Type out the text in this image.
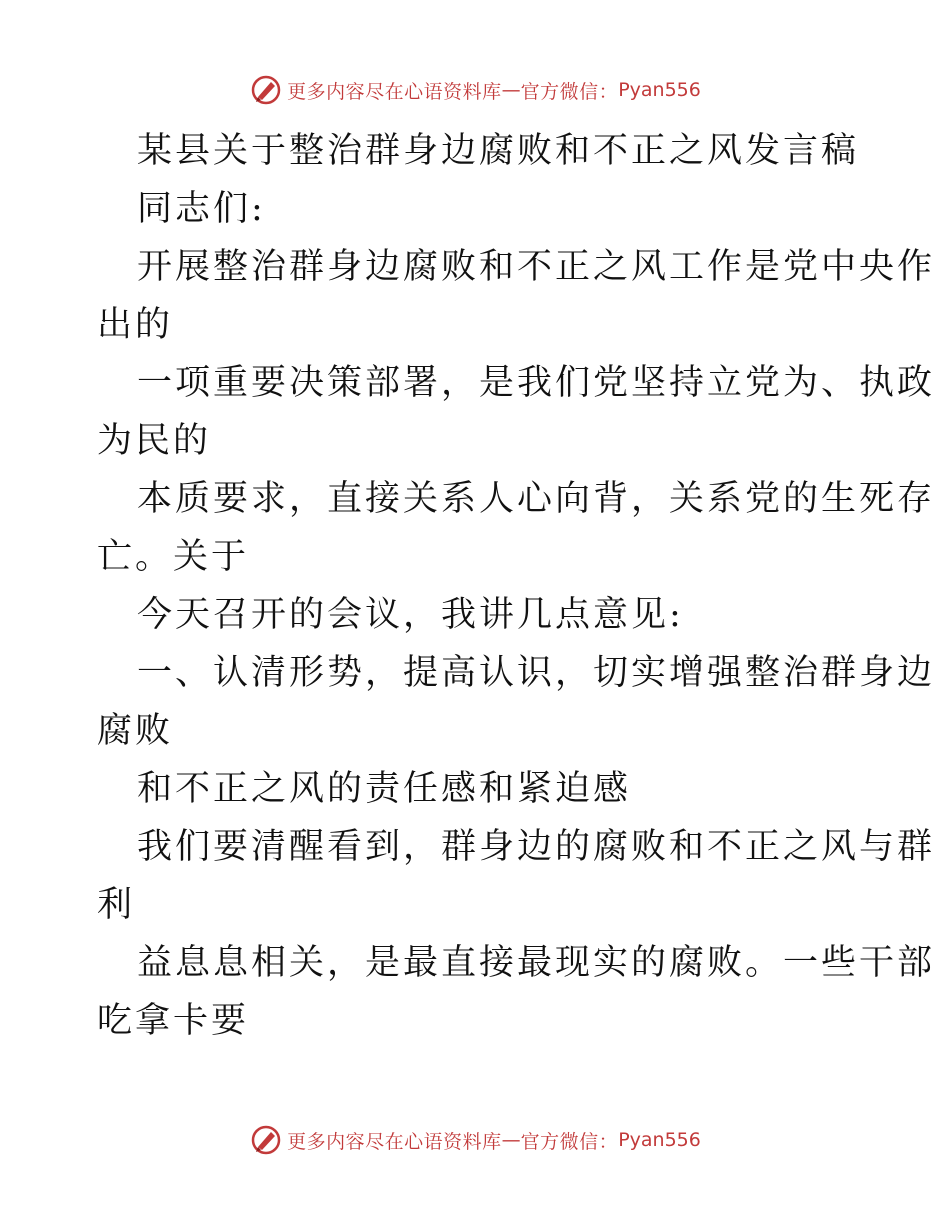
更多内容尽在心语资料库 — 官方微信： Pyan556
某县关于整治群身边腐败和不正之风发言稿
同志们:
开展整治群身边腐败和不正之风工作是党中央作
出的
一项重要决策部署，是我们党坚持立党为、执政
为民的
本质要求，直接关系人心向背，关系党的生死存
亡。关于
今天召开的会议，我讲几点意见:
一、认清形势，提高认识，切实增强整治群身边
腐败
和不正之风的责任感和紧迫感
我们要清醒看到，群身边的腐败和不正之风与群
利
益息息相关，是最直接最现实的腐败。一些干部
吃拿卡要
更多内容尽在心语资料库 — 官方微信： Pyan556
